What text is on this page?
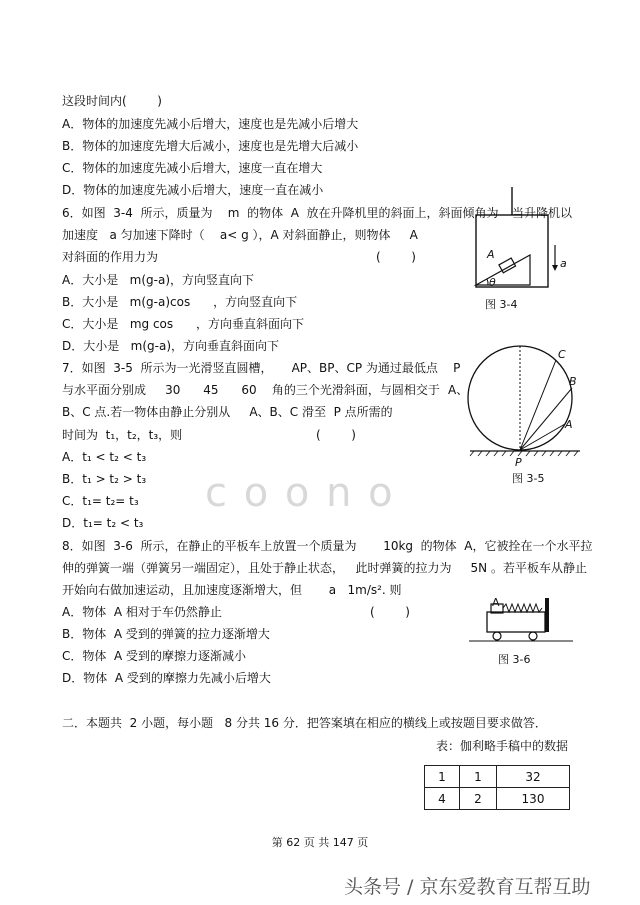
c o o n o
这段时间内(        )
A．物体的加速度先减小后增大，速度也是先减小后增大
B．物体的加速度先增大后减小，速度也是先增大后减小
C．物体的加速度先减小后增大，速度一直在增大
D．物体的加速度先减小后增大，速度一直在减小
6．如图  3-4  所示，质量为    m  的物体  A  放在升降机里的斜面上，斜面倾角为 当升降机以
加速度   a 匀加速下降时（    a< g ），A 对斜面静止，则物体     A
对斜面的作用力为	(        )
A．大小是   m(g-a)，方向竖直向下
B．大小是   m(g-a)cos      ，方向竖直向下
C．大小是   mg cos      ，方向垂直斜面向下
D．大小是   m(g-a)，方向垂直斜面向下
7．如图  3-5  所示为一光滑竖直圆槽，     AP、BP、CP 为通过最低点    P
与水平面分别成     30      45      60    角的三个光滑斜面，与圆相交于 A、
B、C 点.若一物体由静止分别从     A、B、C 滑至  P 点所需的
时间为  t₁，t₂，t₃，则	(        )
A．t₁ < t₂ < t₃
B．t₁ > t₂ > t₃
C．t₁= t₂= t₃
D．t₁= t₂ < t₃
8．如图  3-6  所示，在静止的平板车上放置一个质量为       10kg  的物体  A，它被拴在一个水平拉
伸的弹簧一端（弹簧另一端固定），且处于静止状态，   此时弹簧的拉力为     5N 。若平板车从静止
开始向右做加速运动，且加速度逐渐增大，但       a   1m/s². 则
A．物体  A 相对于车仍然静止	(        )
B．物体  A 受到的弹簧的拉力逐渐增大
C．物体  A 受到的摩擦力逐渐减小
D．物体  A 受到的摩擦力先减小后增大
二．本题共  2 小题，每小题   8 分共 16 分．把答案填在相应的横线上或按题目要求做答．
表：伽利略手稿中的数据
A
a
θ
图 3-4
C
B
A
P
图 3-5
A
图 3-6
1	1	32
4	2	130
第 62 页 共 147 页
头条号 / 京东爱教育互帮互助
